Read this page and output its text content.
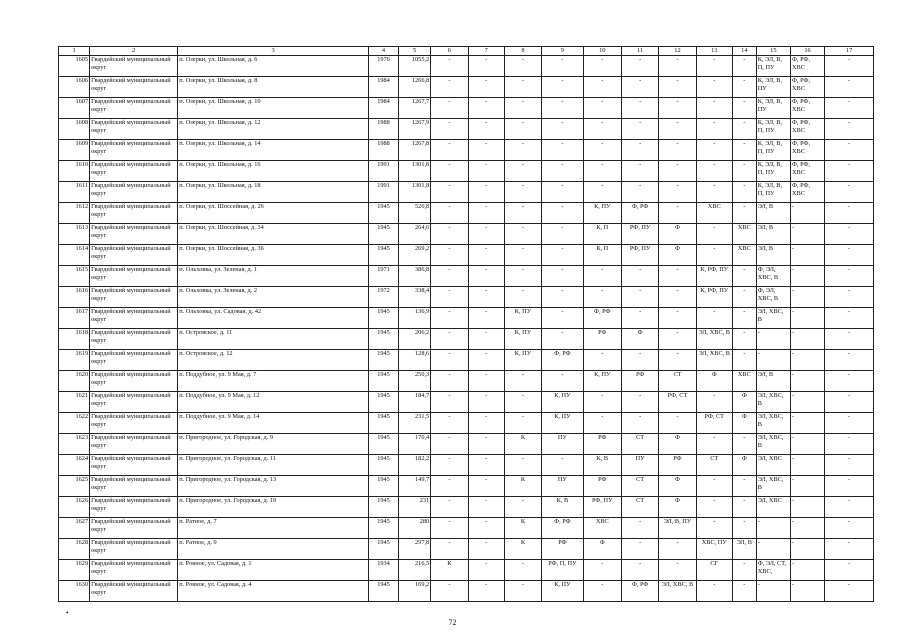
1	2	3	4	5	6	7	8	9	10	11	12	13	14	15	16	17
1605	Гвардейский муниципальный округ	п. Озерки, ул. Школьная, д. 6	1976	1055,2	-	-	-	-	-	-	-	-	-	К, ЭЛ, В, П, ПУ	Ф, РФ, ХВС	-
1606	Гвардейский муниципальный округ	п. Озерки, ул. Школьная, д. 8	1984	1266,8	-	-	-	-	-	-	-	-	-	К, ЭЛ, В, ПУ	Ф, РФ, ХВС	-
1607	Гвардейский муниципальный округ	п. Озерки, ул. Школьная, д. 10	1984	1267,7	-	-	-	-	-	-	-	-	-	К, ЭЛ, В, ПУ	Ф, РФ, ХВС	-
1608	Гвардейский муниципальный округ	п. Озерки, ул. Школьная, д. 12	1988	1267,9	-	-	-	-	-	-	-	-	-	К, ЭЛ, В, П, ПУ	Ф, РФ, ХВС	-
1609	Гвардейский муниципальный округ	п. Озерки, ул. Школьная, д. 14	1988	1267,8	-	-	-	-	-	-	-	-	-	К, ЭЛ, В, П, ПУ	Ф, РФ, ХВС	-
1610	Гвардейский муниципальный округ	п. Озерки, ул. Школьная, д. 16	1991	1301,8	-	-	-	-	-	-	-	-	-	К, ЭЛ, В, П, ПУ	Ф, РФ, ХВС	-
1611	Гвардейский муниципальный округ	п. Озерки, ул. Школьная, д. 18	1991	1301,8	-	-	-	-	-	-	-	-	-	К, ЭЛ, В, П, ПУ	Ф, РФ, ХВС	-
1612	Гвардейский муниципальный округ	п. Озерки, ул. Шоссейная, д. 26	1945	526,8	-	-	-	-	К, ПУ	Ф, РФ	-	ХВС	-	ЭЛ, В	-	-
1613	Гвардейский муниципальный округ	п. Озерки, ул. Шоссейная, д. 34	1945	264,6	-	-	-	-	К, П	РФ, ПУ	Ф	-	ХВС	ЭЛ, В	-	-
1614	Гвардейский муниципальный округ	п. Озерки, ул. Шоссейная, д. 36	1945	269,2	-	-	-	-	К, П	РФ, ПУ	Ф	-	ХВС	ЭЛ, В	-	-
1615	Гвардейский муниципальный округ	п. Ольховка, ул. Зеленая, д. 1	1971	386,8	-	-	-	-	-	-	-	К, РФ, ПУ	-	Ф, ЭЛ, ХВС, В	-	-
1616	Гвардейский муниципальный округ	п. Ольховка, ул. Зеленая, д. 2	1972	338,4	-	-	-	-	-	-	-	К, РФ, ПУ	-	Ф, ЭЛ, ХВС, В	-	-
1617	Гвардейский муниципальный округ	п. Ольховка, ул. Садовая, д. 42	1945	136,9	-	-	К, ПУ	-	Ф, РФ	-	-	-	-	ЭЛ, ХВС, В	-	-
1618	Гвардейский муниципальный округ	п. Островское, д. 11	1945	206,2	-	-	К, ПУ	-	РФ	Ф	-	ЭЛ, ХВС, В	-	-	-	-
1619	Гвардейский муниципальный округ	п. Островское, д. 12	1945	128,6	-	-	К, ПУ	Ф, РФ	-	-	-	ЭЛ, ХВС, В	-	-	-	-
1620	Гвардейский муниципальный округ	п. Поддубное, ул. 9 Мая, д. 7	1945	250,3	-	-	-	-	К, ПУ	РФ	СТ	Ф	ХВС	ЭЛ, В	-	-
1621	Гвардейский муниципальный округ	п. Поддубное, ул. 9 Мая, д. 12	1945	184,7	-	-	-	К, ПУ	-	-	РФ, СТ	-	Ф	ЭЛ, ХВС, В	-	-
1622	Гвардейский муниципальный округ	п. Поддубное, ул. 9 Мая, д. 14	1945	231,5	-	-	-	К, ПУ	-	-	-	РФ, СТ	Ф	ЭЛ, ХВС, В	-	-
1623	Гвардейский муниципальный округ	п. Пригородное, ул. Городская, д. 9	1945	170,4	-	-	К	ПУ	РФ	СТ	Ф	-	-	ЭЛ, ХВС, В	-	-
1624	Гвардейский муниципальный округ	п. Пригородное, ул. Городская, д. 11	1945	182,2	-	-	-	-	К, В	ПУ	РФ	СТ	Ф	ЭЛ, ХВС	-	-
1625	Гвардейский муниципальный округ	п. Пригородное, ул. Городская, д. 13	1945	149,7	-	-	К	ПУ	РФ	СТ	Ф	-	-	ЭЛ, ХВС, В	-	-
1626	Гвардейский муниципальный округ	п. Пригородное, ул. Городская, д. 19	1945	231	-	-	-	К, В	РФ, ПУ	СТ	Ф	-	-	ЭЛ, ХВС	-	-
1627	Гвардейский муниципальный округ	п. Ратное, д. 7	1945	280	-	-	К	Ф, РФ	ХВС	-	ЭЛ, В, ПУ	-	-	-	-	-
1628	Гвардейский муниципальный округ	п. Ратное, д. 9	1945	297,8	-	-	К	РФ	Ф	-	-	ХВС, ПУ	ЭЛ, В	-	-	-
1629	Гвардейский муниципальный округ	п. Ровное, ул. Садовая, д. 1	1934	216,5	К	-	-	РФ, П, ПУ	-	-	-	СГ	-	Ф, ЭЛ, СТ, ХВС,	-	-
1630	Гвардейский муниципальный округ	п. Ровное, ул. Садовая, д. 4	1945	169,2	-	-	-	К, ПУ	-	Ф, РФ	ЭЛ, ХВС, В	-	-	-	-	-
•
72
